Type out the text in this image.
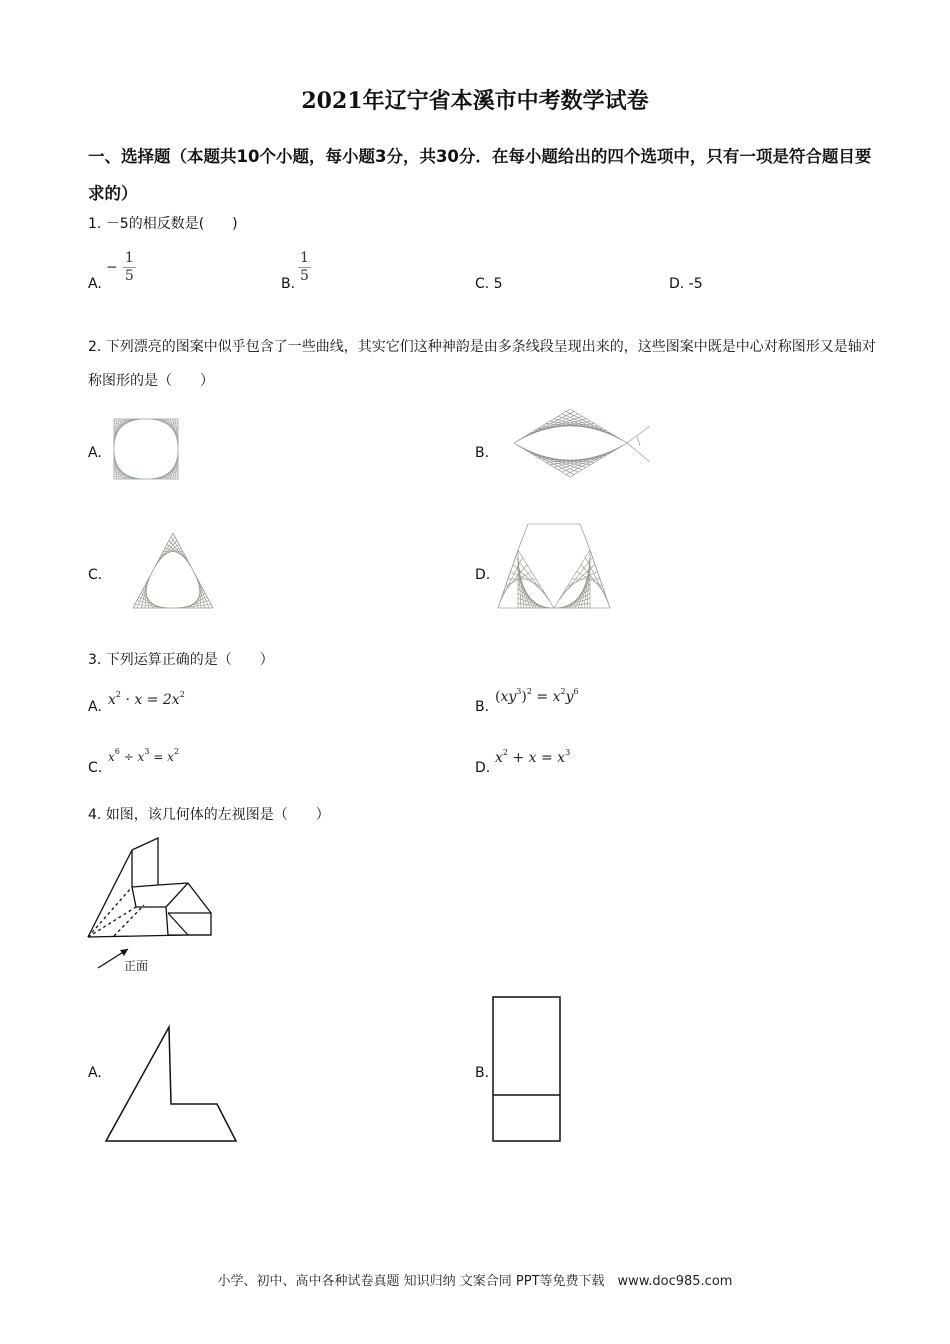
2021年辽宁省本溪市中考数学试卷
一、选择题（本题共10个小题，每小题3分，共30分．在每小题给出的四个选项中，只有一项是符合题目要求的）
1. －5的相反数是(　　)
A.
− $\frac{1}{5}$	B. $\frac{1}{5}$	C. 5	D. -5
2. 下列漂亮的图案中似乎包含了一些曲线，其实它们这种神韵是由多条线段呈现出来的，这些图案中既是中心对称图形又是轴对称图形的是（　　）
A.	B.
C.	D.
3. 下列运算正确的是（　　）
A. $x^2 \cdot x = 2x^2$
B.
$(xy^3)^2 = x^2y^6$
C.
$x^6 \div x^3 = x^2$
D.
$x^2 + x = x^3$
4. 如图，该几何体的左视图是（　　）
正面
A.	B.
小学、初中、高中各种试卷真题 知识归纳 文案合同 PPT等免费下载　www.doc985.com
